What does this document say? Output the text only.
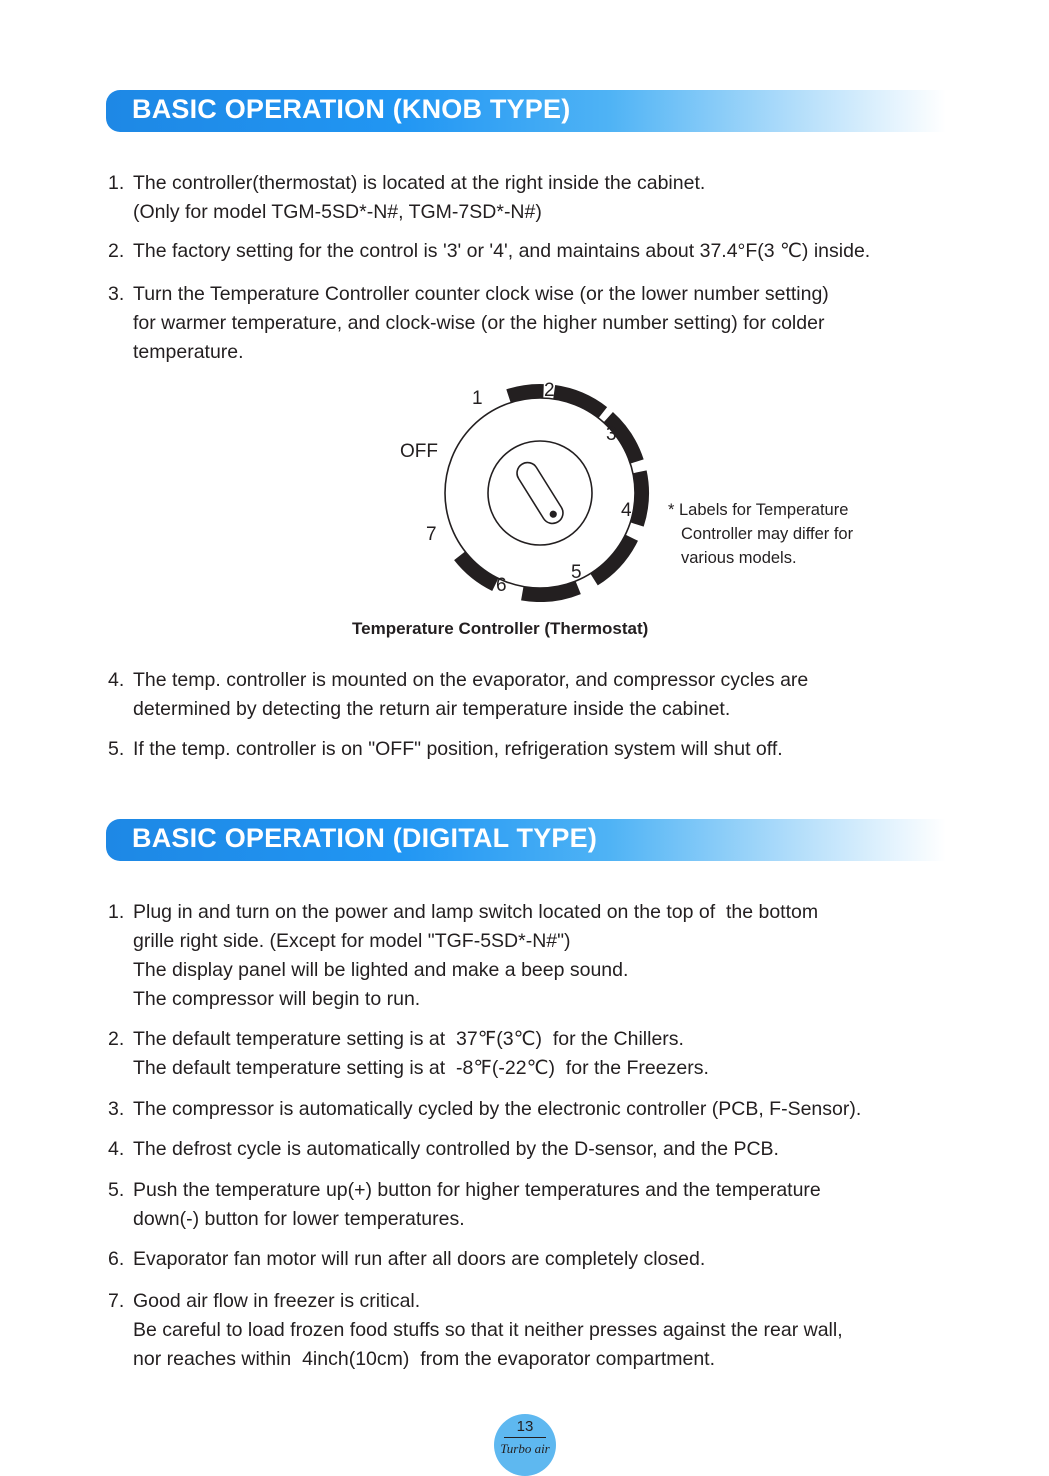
BASIC OPERATION (KNOB TYPE)
1. The controller(thermostat) is located at the right inside the cabinet.
(Only for model TGM-5SD*-N#, TGM-7SD*-N#)
2. The factory setting for the control is '3' or '4', and maintains about 37.4°F(3 ℃) inside.
3. Turn the Temperature Controller counter clock wise (or the lower number setting)
for warmer temperature, and clock-wise (or the higher number setting) for colder
temperature.
OFF
1	2
3
4
5
6
7
* Labels for Temperature
Controller may differ for
various models.
Temperature Controller (Thermostat)
4. The temp. controller is mounted on the evaporator, and compressor cycles are
determined by detecting the return air temperature inside the cabinet.
5. If the temp. controller is on "OFF" position, refrigeration system will shut off.
BASIC OPERATION (DIGITAL TYPE)
1. Plug in and turn on the power and lamp switch located on the top of  the bottom
grille right side. (Except for model "TGF-5SD*-N#")
The display panel will be lighted and make a beep sound.
The compressor will begin to run.
2. The default temperature setting is at  37℉(3℃)  for the Chillers.
The default temperature setting is at  -8℉(-22℃)  for the Freezers.
3. The compressor is automatically cycled by the electronic controller (PCB, F-Sensor).
4. The defrost cycle is automatically controlled by the D-sensor, and the PCB.
5. Push the temperature up(+) button for higher temperatures and the temperature
down(-) button for lower temperatures.
6. Evaporator fan motor will run after all doors are completely closed.
7. Good air flow in freezer is critical.
Be careful to load frozen food stuffs so that it neither presses against the rear wall,
nor reaches within  4inch(10cm)  from the evaporator compartment.
13
Turbo air
